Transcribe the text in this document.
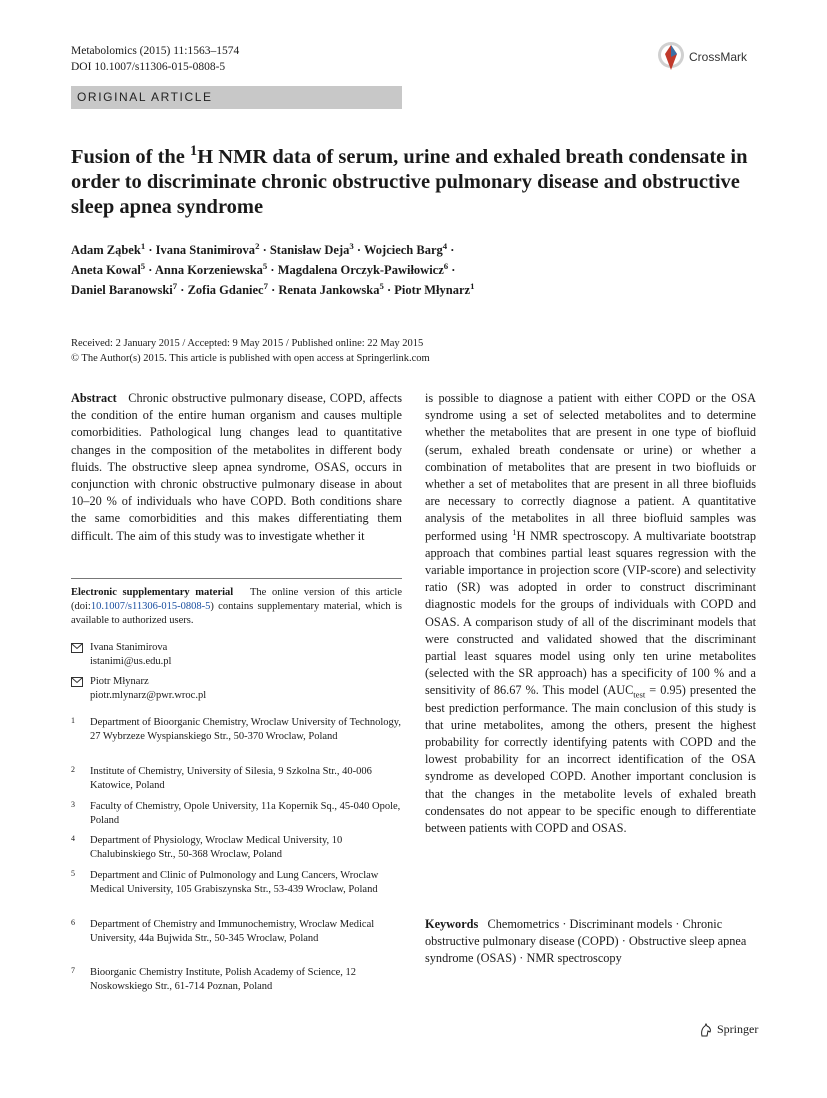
Metabolomics (2015) 11:1563–1574
DOI 10.1007/s11306-015-0808-5
CrossMark
ORIGINAL ARTICLE
Fusion of the $^1$H NMR data of serum, urine and exhaled breath condensate in order to discriminate chronic obstructive pulmonary disease and obstructive sleep apnea syndrome
Adam Ząbek$^1$ · Ivana Stanimirova$^2$ · Stanisław Deja$^3$ · Wojciech Barg$^4$ ·
Aneta Kowal$^5$ · Anna Korzeniewska$^5$ · Magdalena Orczyk-Pawiłowicz$^6$ ·
Daniel Baranowski$^7$ · Zofia Gdaniec$^7$ · Renata Jankowska$^5$ · Piotr Młynarz$^1$
Received: 2 January 2015 / Accepted: 9 May 2015 / Published online: 22 May 2015
© The Author(s) 2015. This article is published with open access at Springerlink.com
Abstract Chronic obstructive pulmonary disease, COPD, affects the condition of the entire human organism and causes multiple comorbidities. Pathological lung changes lead to quantitative changes in the composition of the metabolites in different body fluids. The obstructive sleep apnea syndrome, OSAS, occurs in conjunction with chronic obstructive pulmonary disease in about 10–20 % of individuals who have COPD. Both conditions share the same comorbidities and this makes differentiating them difficult. The aim of this study was to investigate whether it
is possible to diagnose a patient with either COPD or the OSA syndrome using a set of selected metabolites and to determine whether the metabolites that are present in one type of biofluid (serum, exhaled breath condensate or urine) or whether a combination of metabolites that are present in two biofluids or whether a set of metabolites that are present in all three biofluids are necessary to correctly diagnose a patient. A quantitative analysis of the metabolites in all three biofluid samples was performed using $^1$H NMR spectroscopy. A multivariate bootstrap approach that combines partial least squares regression with the variable importance in projection score (VIP-score) and selectivity ratio (SR) was adopted in order to construct discriminant diagnostic models for the groups of individuals with COPD and OSAS. A comparison study of all of the discriminant models that were constructed and validated showed that the discriminant partial least squares model using only ten urine metabolites (selected with the SR approach) has a specificity of 100 % and a sensitivity of 86.67 %. This model $(AUC_{test} = 0.95)$ presented the best prediction performance. The main conclusion of this study is that urine metabolites, among the others, present the highest probability for correctly identifying patents with COPD and the lowest probability for an incorrect identification of the OSA syndrome as developed COPD. Another important conclusion is that the changes in the metabolite levels of exhaled breath condensates do not appear to be specific enough to differentiate between patients with COPD and OSAS.
Electronic supplementary material The online version of this article (doi:10.1007/s11306-015-0808-5) contains supplementary material, which is available to authorized users.
Ivana Stanimirova
istanimi@us.edu.pl
Piotr Młynarz
piotr.mlynarz@pwr.wroc.pl
1	Department of Bioorganic Chemistry, Wroclaw University of Technology, 27 Wybrzeze Wyspianskiego Str., 50-370 Wroclaw, Poland
2	Institute of Chemistry, University of Silesia, 9 Szkolna Str., 40-006 Katowice, Poland
3	Faculty of Chemistry, Opole University, 11a Kopernik Sq., 45-040 Opole, Poland
4	Department of Physiology, Wroclaw Medical University, 10 Chalubinskiego Str., 50-368 Wroclaw, Poland
5	Department and Clinic of Pulmonology and Lung Cancers, Wroclaw Medical University, 105 Grabiszynska Str., 53-439 Wroclaw, Poland
6	Department of Chemistry and Immunochemistry, Wroclaw Medical University, 44a Bujwida Str., 50-345 Wroclaw, Poland
7	Bioorganic Chemistry Institute, Polish Academy of Science, 12 Noskowskiego Str., 61-714 Poznan, Poland
Keywords Chemometrics · Discriminant models · Chronic obstructive pulmonary disease (COPD) · Obstructive sleep apnea syndrome (OSAS) · NMR spectroscopy
Springer
